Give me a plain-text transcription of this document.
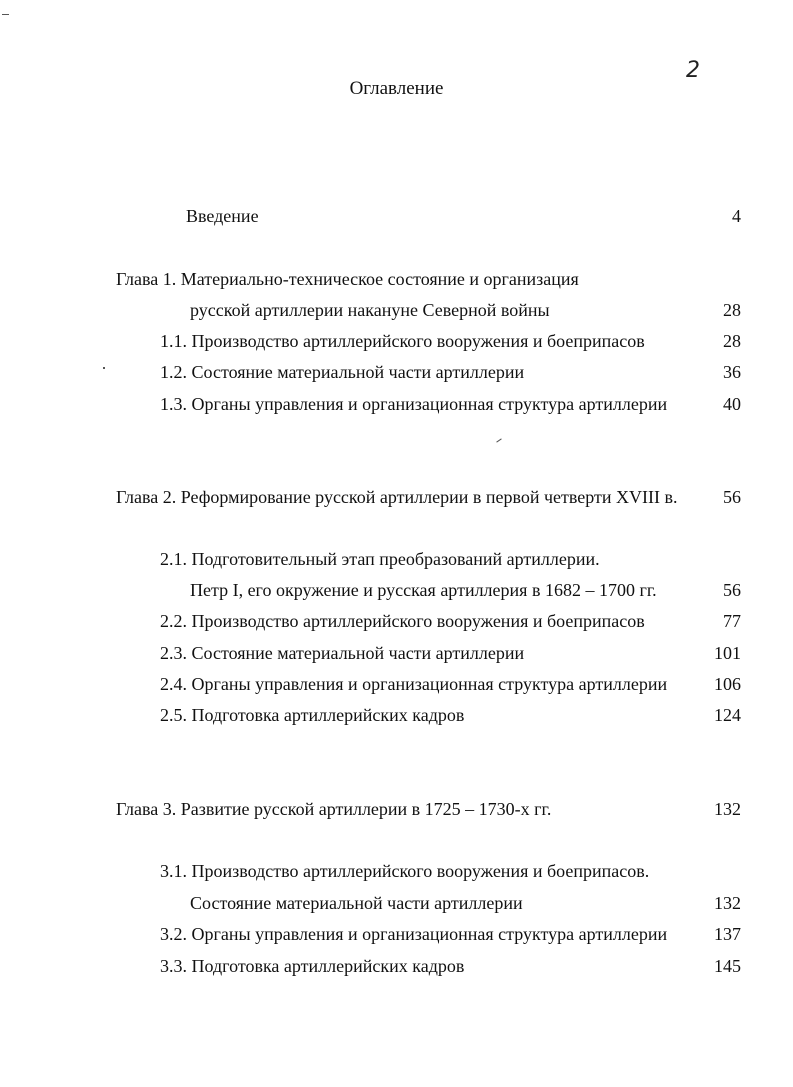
2
Оглавление
Введение	4
Глава 1. Материально-техническое состояние и организация
русской артиллерии накануне Северной войны	28
1.1. Производство артиллерийского вооружения и боеприпасов	28
1.2. Состояние материальной части артиллерии	36
1.3. Органы управления и организационная структура артиллерии	40
Глава 2. Реформирование русской артиллерии в первой четверти XVIII в.	56
2.1. Подготовительный этап преобразований артиллерии.
Петр I, его окружение и русская артиллерия в 1682 – 1700 гг.	56
2.2. Производство артиллерийского вооружения и боеприпасов	77
2.3. Состояние материальной части артиллерии	101
2.4. Органы управления и организационная структура артиллерии	106
2.5. Подготовка артиллерийских кадров	124
Глава 3. Развитие русской артиллерии в 1725 – 1730-х гг.	132
3.1. Производство артиллерийского вооружения и боеприпасов.
Состояние материальной части артиллерии	132
3.2. Органы управления и организационная структура артиллерии	137
3.3. Подготовка артиллерийских кадров	145
